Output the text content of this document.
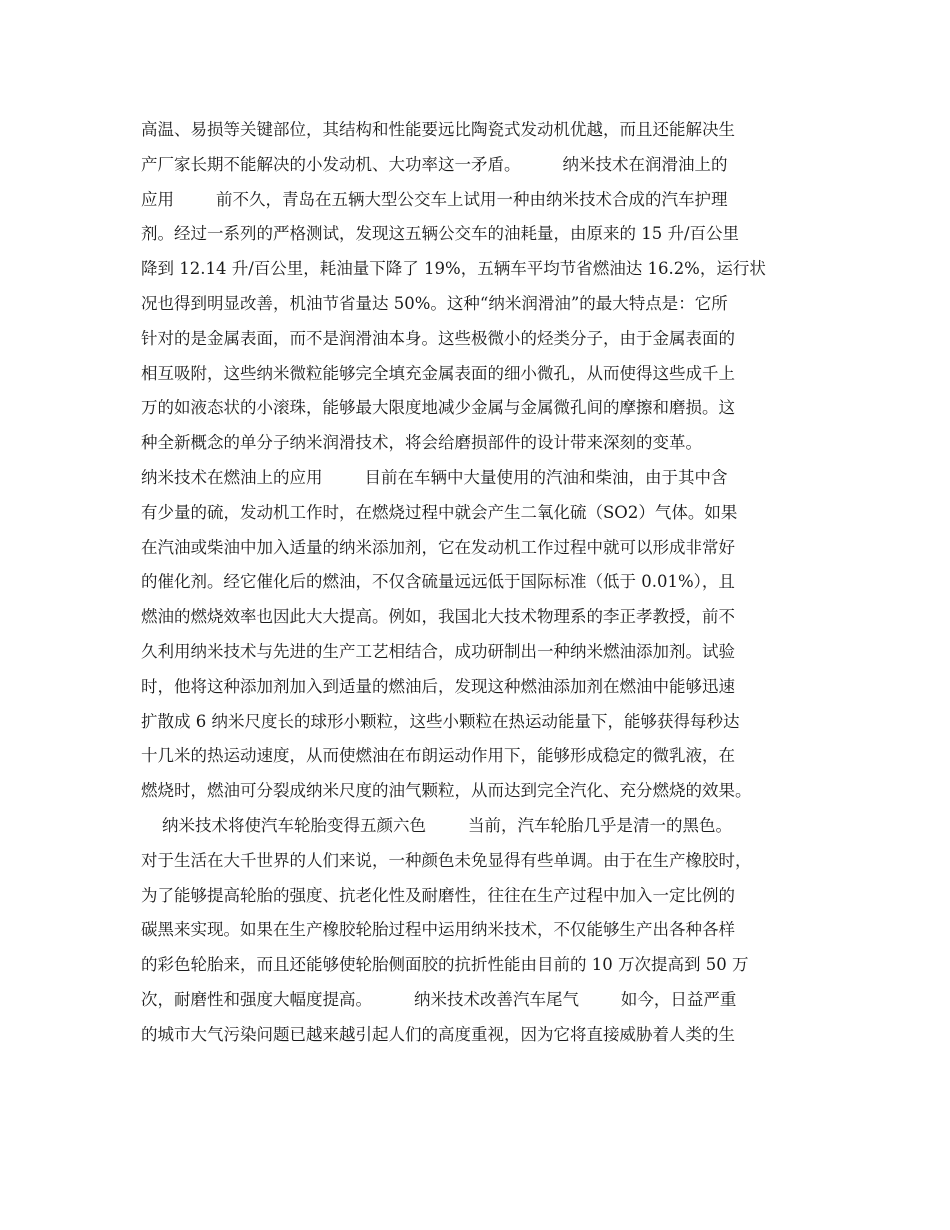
高温、易损等关键部位，其结构和性能要远比陶瓷式发动机优越，而且还能解决生
产厂家长期不能解决的小发动机、大功率这一矛盾。        纳米技术在润滑油上的
应用        前不久，青岛在五辆大型公交车上试用一种由纳米技术合成的汽车护理
剂。经过一系列的严格测试，发现这五辆公交车的油耗量，由原来的 15 升/百公里
降到 12.14 升/百公里，耗油量下降了 19%，五辆车平均节省燃油达 16.2%，运行状
况也得到明显改善，机油节省量达 50%。这种“纳米润滑油”的最大特点是：它所
针对的是金属表面，而不是润滑油本身。这些极微小的烃类分子，由于金属表面的
相互吸附，这些纳米微粒能够完全填充金属表面的细小微孔，从而使得这些成千上
万的如液态状的小滚珠，能够最大限度地减少金属与金属微孔间的摩擦和磨损。这
种全新概念的单分子纳米润滑技术，将会给磨损部件的设计带来深刻的变革。
纳米技术在燃油上的应用        目前在车辆中大量使用的汽油和柴油，由于其中含
有少量的硫，发动机工作时，在燃烧过程中就会产生二氧化硫（SO2）气体。如果
在汽油或柴油中加入适量的纳米添加剂，它在发动机工作过程中就可以形成非常好
的催化剂。经它催化后的燃油，不仅含硫量远远低于国际标准（低于 0.01%），且
燃油的燃烧效率也因此大大提高。例如，我国北大技术物理系的李正孝教授，前不
久利用纳米技术与先进的生产工艺相结合，成功研制出一种纳米燃油添加剂。试验
时，他将这种添加剂加入到适量的燃油后，发现这种燃油添加剂在燃油中能够迅速
扩散成 6 纳米尺度长的球形小颗粒，这些小颗粒在热运动能量下，能够获得每秒达
十几米的热运动速度，从而使燃油在布朗运动作用下，能够形成稳定的微乳液，在
燃烧时，燃油可分裂成纳米尺度的油气颗粒，从而达到完全汽化、充分燃烧的效果。
纳米技术将使汽车轮胎变得五颜六色        当前，汽车轮胎几乎是清一的黑色。
对于生活在大千世界的人们来说，一种颜色未免显得有些单调。由于在生产橡胶时，
为了能够提高轮胎的强度、抗老化性及耐磨性，往往在生产过程中加入一定比例的
碳黑来实现。如果在生产橡胶轮胎过程中运用纳米技术，不仅能够生产出各种各样
的彩色轮胎来，而且还能够使轮胎侧面胶的抗折性能由目前的 10 万次提高到 50 万
次，耐磨性和强度大幅度提高。        纳米技术改善汽车尾气        如今，日益严重
的城市大气污染问题已越来越引起人们的高度重视，因为它将直接威胁着人类的生
